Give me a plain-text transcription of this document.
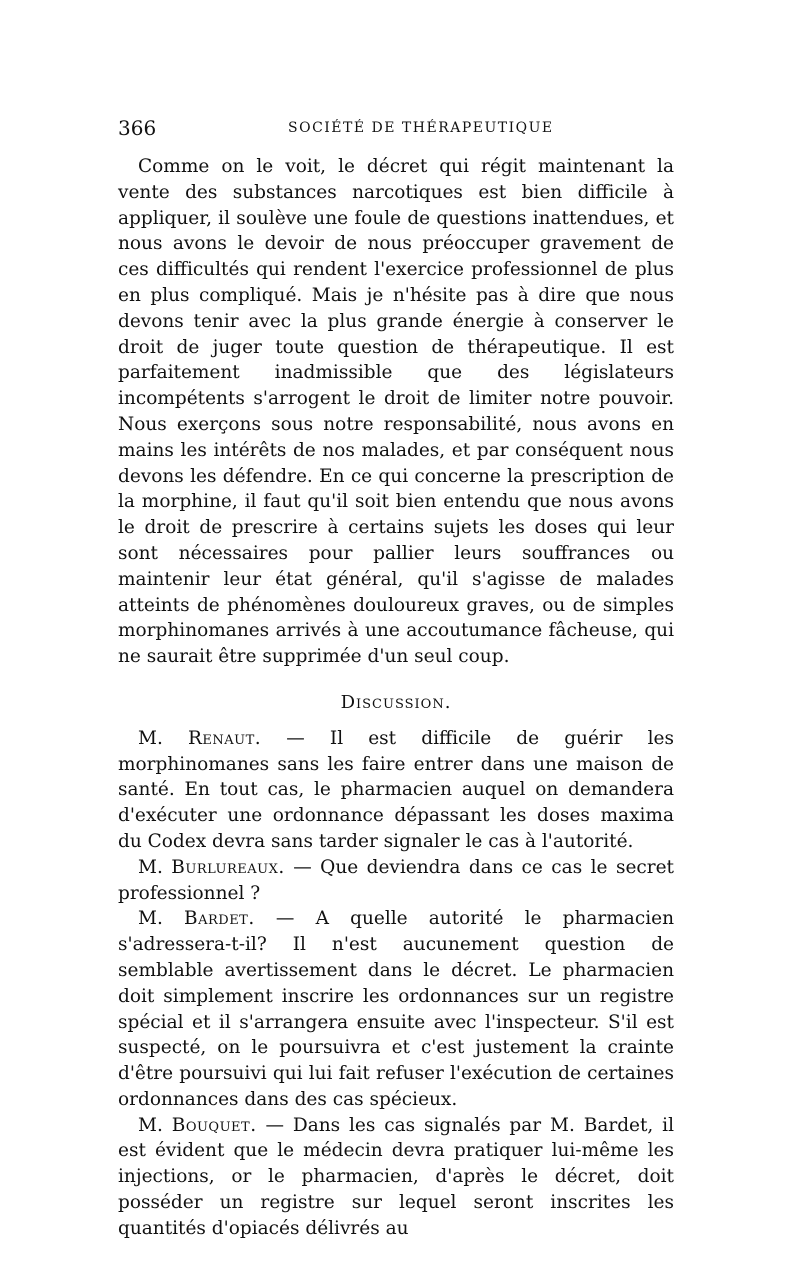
366	SOCIÉTÉ DE THÉRAPEUTIQUE

Comme on le voit, le décret qui régit maintenant la vente des substances narcotiques est bien difficile à appliquer, il soulève une foule de questions inattendues, et nous avons le devoir de nous préoccuper gravement de ces difficultés qui rendent l'exercice professionnel de plus en plus compliqué. Mais je n'hésite pas à dire que nous devons tenir avec la plus grande énergie à conserver le droit de juger toute question de thérapeutique. Il est parfaitement inadmissible que des législateurs incompétents s'arrogent le droit de limiter notre pouvoir. Nous exerçons sous notre responsabilité, nous avons en mains les intérêts de nos malades, et par conséquent nous devons les défendre. En ce qui concerne la prescription de la morphine, il faut qu'il soit bien entendu que nous avons le droit de prescrire à certains sujets les doses qui leur sont nécessaires pour pallier leurs souffrances ou maintenir leur état général, qu'il s'agisse de malades atteints de phénomènes douloureux graves, ou de simples morphinomanes arrivés à une accoutumance fâcheuse, qui ne saurait être supprimée d'un seul coup.

Discussion.

M. Renaut. — Il est difficile de guérir les morphinomanes sans les faire entrer dans une maison de santé. En tout cas, le pharmacien auquel on demandera d'exécuter une ordonnance dépassant les doses maxima du Codex devra sans tarder signaler le cas à l'autorité.

M. Burlureaux. — Que deviendra dans ce cas le secret professionnel ?

M. Bardet. — A quelle autorité le pharmacien s'adressera-t-il? Il n'est aucunement question de semblable avertissement dans le décret. Le pharmacien doit simplement inscrire les ordonnances sur un registre spécial et il s'arrangera ensuite avec l'inspecteur. S'il est suspecté, on le poursuivra et c'est justement la crainte d'être poursuivi qui lui fait refuser l'exécution de certaines ordonnances dans des cas spécieux.

M. Bouquet. — Dans les cas signalés par M. Bardet, il est évident que le médecin devra pratiquer lui-même les injections, or le pharmacien, d'après le décret, doit posséder un registre sur lequel seront inscrites les quantités d'opiacés délivrés au
